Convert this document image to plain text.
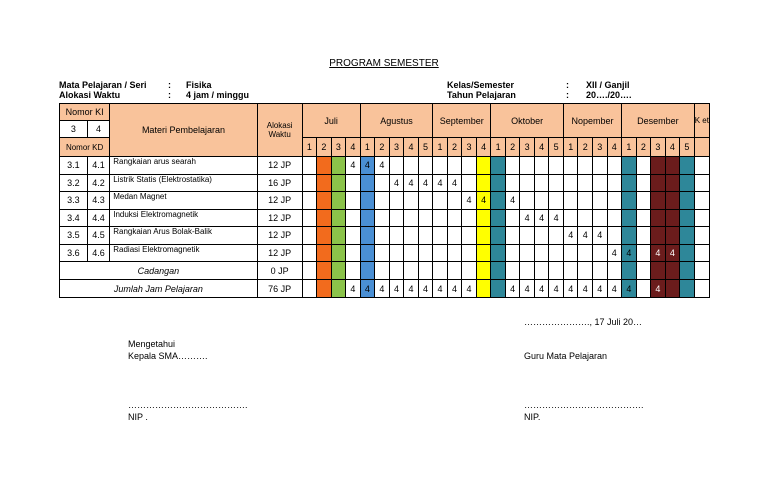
PROGRAM SEMESTER
Mata Pelajaran / Seri : Fisika
Alokasi Waktu	: 4 jam / minggu
Kelas/Semester	: XII / Ganjil
Tahun Pelajaran	: 20…./20….
Nomor KI		Materi Pembelajaran	Alokasi Waktu	Juli				Agustus					September				Oktober					Nopember				Desember					K et
3	4																														
Nomor KD				1	2	3	4	1	2	3	4	5	1	2	3	4	1	2	3	4	5	1	2	3	4	1	2	3	4	5	
3.1	4.1	Rangkaian arus searah	12 JP				4	4	4																						
3.2	4.2	Listrik Statis (Elektrostatika)	16 JP							4	4	4	4	4																	
3.3	4.3	Medan Magnet	12 JP												4	4		4													
3.4	4.4	Induksi Elektromagnetik	12 JP																4	4	4										
3.5	4.5	Rangkaian Arus Bolak-Balik	12 JP																			4	4	4							
3.6	4.6	Radiasi Elektromagnetik	12 JP																						4	4		4	4		
Cadangan			0 JP																												
Jumlah Jam Pelajaran			76 JP				4	4	4	4	4	4	4	4	4			4	4	4	4	4	4	4	4	4		4			
…………………., 17 Juli 20…
Mengetahui
Kepala SMA……….	Guru Mata Pelajaran
………………………………….	………………………………….
NIP .	NIP.
